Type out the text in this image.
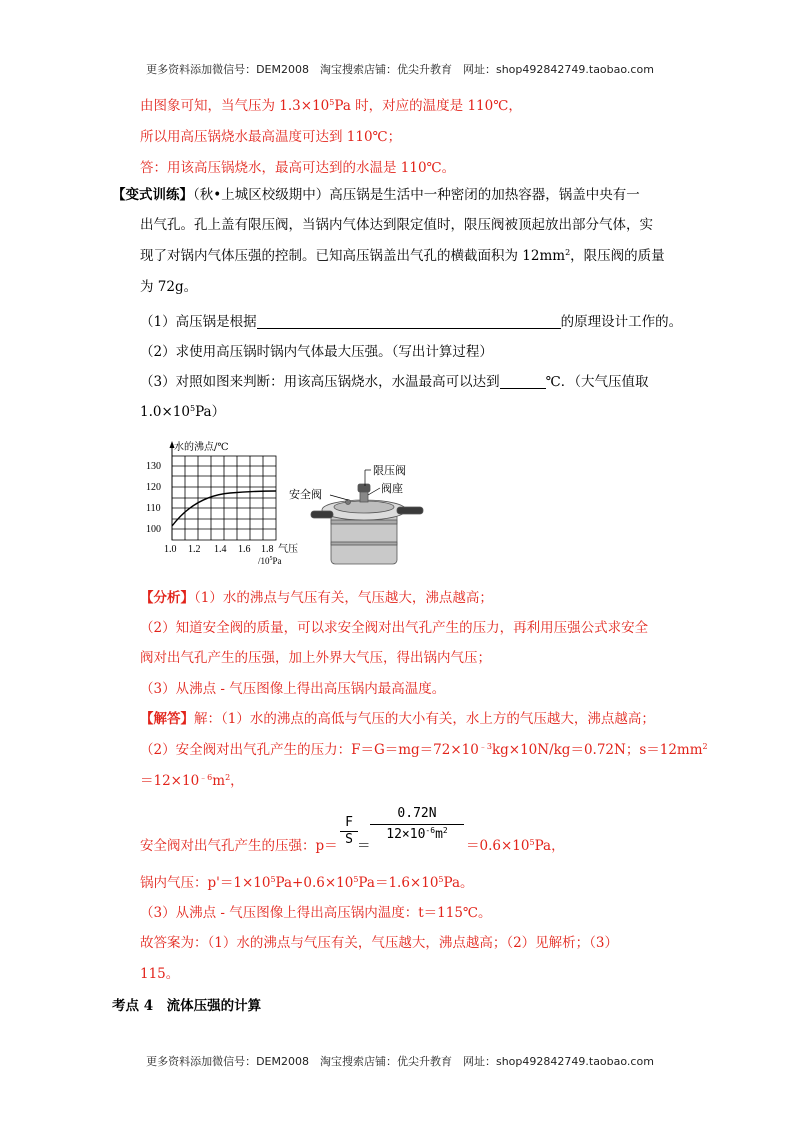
更多资料添加微信号：DEM2008　淘宝搜索店铺：优尖升教育　网址：shop492842749.taobao.com
由图象可知，当气压为 $1.3\times 10^5Pa$ 时，对应的温度是 110℃，
所以用高压锅烧水最高温度可达到 110℃；
答：用该高压锅烧水，最高可达到的水温是 110℃。
【变式训练】（秋•上城区校级期中）高压锅是生活中一种密闭的加热容器，锅盖中央有一
出气孔。孔上盖有限压阀，当锅内气体达到限定值时，限压阀被顶起放出部分气体，实
现了对锅内气体压强的控制。已知高压锅盖出气孔的横截面积为 $12mm^2$，限压阀的质量
为 72g。
（1）高压锅是根据	的原理设计工作的。
（2）求使用高压锅时锅内气体最大压强。（写出计算过程）
（3）对照如图来判断：用该高压锅烧水，水温最高可以达到	℃．（大气压值取
$1.0\times 10^5Pa$）
水的沸点/℃
130
120
110
100
1.0 1.2 1.4 1.6 1.8 气压
$/10^5Pa$
限压阀
安全阀	阀座
【分析】（1）水的沸点与气压有关，气压越大，沸点越高；
（2）知道安全阀的质量，可以求安全阀对出气孔产生的压力，再利用压强公式求安全
阀对出气孔产生的压强，加上外界大气压，得出锅内气压；
（3）从沸点 - 气压图像上得出高压锅内最高温度。
【解答】解：（1）水的沸点的高低与气压的大小有关，水上方的气压越大，沸点越高；
（2）安全阀对出气孔产生的压力：$F=G=mg=72\times 10^{﹣3}kg\times 10N/kg=0.72N$；$s=12mm^2$
$=12\times 10^{﹣6}m^2$，
安全阀对出气孔产生的压强：p＝
F
S ＝
0.72N
$12\times 10^{-6}m^2$
$=0.6\times 10^5Pa$，
锅内气压：$p'=1\times 10^5Pa+0.6\times 10^5Pa=1.6\times 10^5Pa$。
（3）从沸点 - 气压图像上得出高压锅内温度：t＝115℃。
故答案为：（1）水的沸点与气压有关，气压越大，沸点越高；（2）见解析；（3）
115。
考点 4　流体压强的计算
更多资料添加微信号：DEM2008　淘宝搜索店铺：优尖升教育　网址：shop492842749.taobao.com
